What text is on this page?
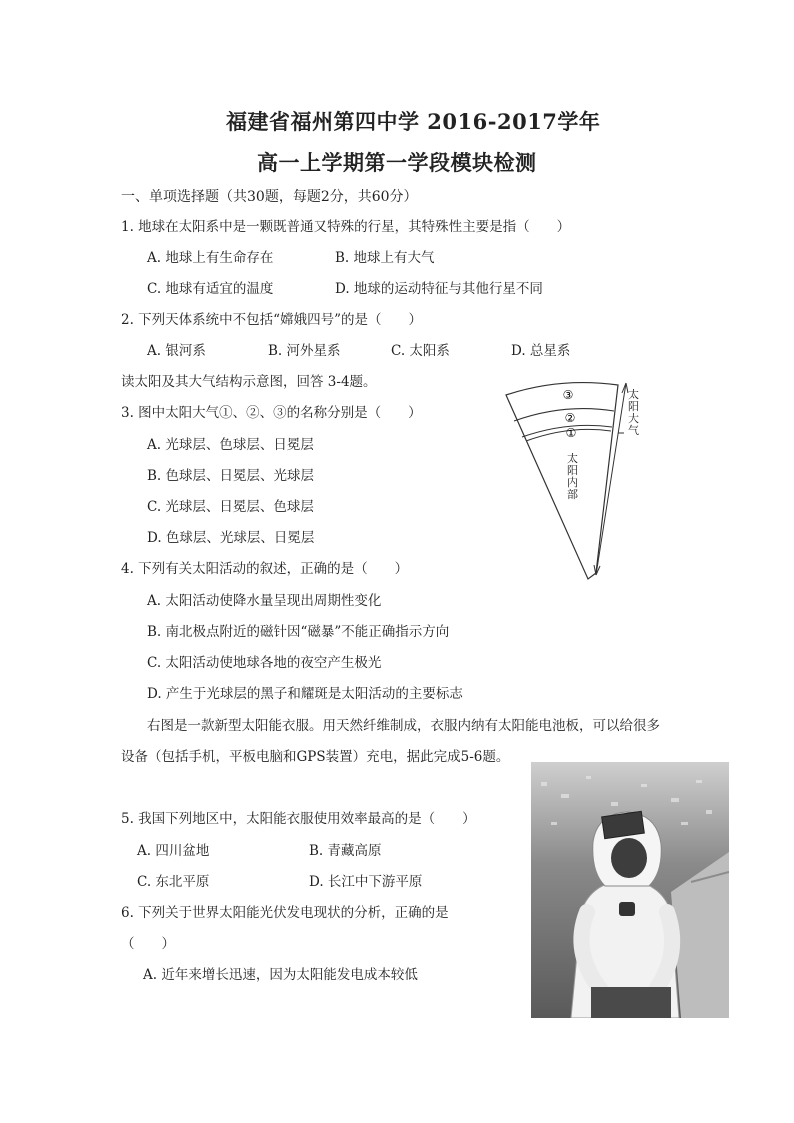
福建省福州第四中学 2016-2017学年
高一上学期第一学段模块检测
一、单项选择题（共30题，每题2分，共60分）
1. 地球在太阳系中是一颗既普通又特殊的行星，其特殊性主要是指（　　）
A. 地球上有生命存在	B. 地球上有大气
C. 地球有适宜的温度	D. 地球的运动特征与其他行星不同
2. 下列天体系统中不包括“嫦娥四号”的是（　　）
A. 银河系	B. 河外星系	C. 太阳系	D. 总星系
读太阳及其大气结构示意图，回答 3-4题。
3. 图中太阳大气①、②、③的名称分别是（　　）
A. 光球层、色球层、日冕层
B. 色球层、日冕层、光球层
C. 光球层、日冕层、色球层
D. 色球层、光球层、日冕层
4. 下列有关太阳活动的叙述，正确的是（　　）
A. 太阳活动使降水量呈现出周期性变化
B. 南北极点附近的磁针因“磁暴”不能正确指示方向
C. 太阳活动使地球各地的夜空产生极光
D. 产生于光球层的黑子和耀斑是太阳活动的主要标志
右图是一款新型太阳能衣服。用天然纤维制成，衣服内纳有太阳能电池板，可以给很多
设备（包括手机，平板电脑和GPS装置）充电，据此完成5-6题。
5. 我国下列地区中，太阳能衣服使用效率最高的是（　　）
A. 四川盆地	B. 青藏高原
C. 东北平原	D. 长江中下游平原
6. 下列关于世界太阳能光伏发电现状的分析，正确的是
（　　）
A. 近年来增长迅速，因为太阳能发电成本较低
③
②
①
太阳大气
太阳内部
